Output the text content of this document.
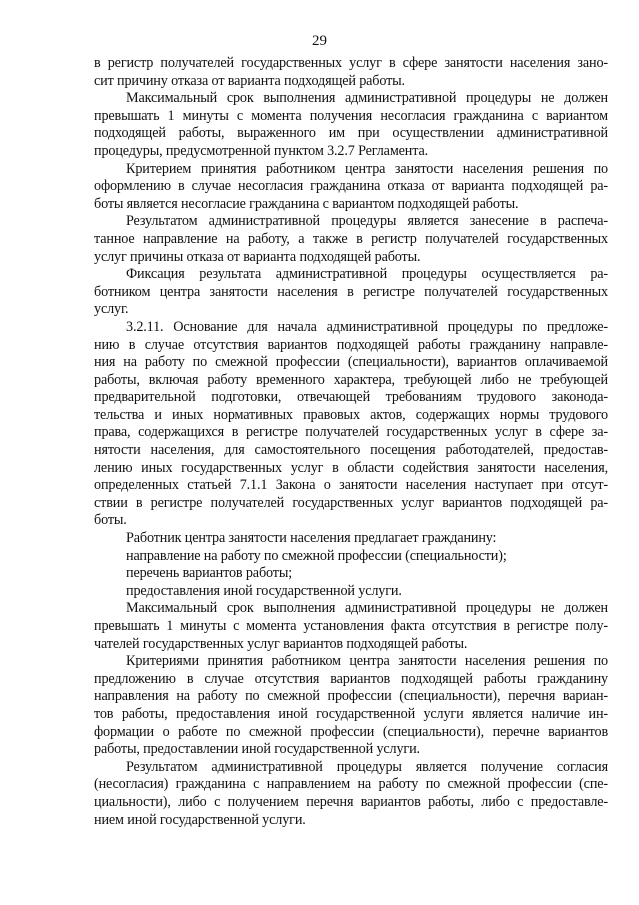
29
в регистр получателей государственных услуг в сфере занятости населения зано-
сит причину отказа от варианта подходящей работы.
Максимальный срок выполнения административной процедуры не должен
превышать 1 минуты с момента получения несогласия гражданина с вариантом
подходящей работы, выраженного им при осуществлении административной
процедуры, предусмотренной пунктом 3.2.7 Регламента.
Критерием принятия работником центра занятости населения решения по
оформлению в случае несогласия гражданина отказа от варианта подходящей ра-
боты является несогласие гражданина с вариантом подходящей работы.
Результатом административной процедуры является занесение в распеча-
танное направление на работу, а также в регистр получателей государственных
услуг причины отказа от варианта подходящей работы.
Фиксация результата административной процедуры осуществляется ра-
ботником центра занятости населения в регистре получателей государственных
услуг.
3.2.11. Основание для начала административной процедуры по предложе-
нию в случае отсутствия вариантов подходящей работы гражданину направле-
ния на работу по смежной профессии (специальности), вариантов оплачиваемой
работы, включая работу временного характера, требующей либо не требующей
предварительной подготовки, отвечающей требованиям трудового законода-
тельства и иных нормативных правовых актов, содержащих нормы трудового
права, содержащихся в регистре получателей государственных услуг в сфере за-
нятости населения, для самостоятельного посещения работодателей, предостав-
лению иных государственных услуг в области содействия занятости населения,
определенных статьей 7.1.1 Закона о занятости населения наступает при отсут-
ствии в регистре получателей государственных услуг вариантов подходящей ра-
боты.
Работник центра занятости населения предлагает гражданину:
направление на работу по смежной профессии (специальности);
перечень вариантов работы;
предоставления иной государственной услуги.
Максимальный срок выполнения административной процедуры не должен
превышать 1 минуты с момента установления факта отсутствия в регистре полу-
чателей государственных услуг вариантов подходящей работы.
Критериями принятия работником центра занятости населения решения по
предложению в случае отсутствия вариантов подходящей работы гражданину
направления на работу по смежной профессии (специальности), перечня вариан-
тов работы, предоставления иной государственной услуги является наличие ин-
формации о работе по смежной профессии (специальности), перечне вариантов
работы, предоставлении иной государственной услуги.
Результатом административной процедуры является получение согласия
(несогласия) гражданина с направлением на работу по смежной профессии (спе-
циальности), либо с получением перечня вариантов работы, либо с предоставле-
нием иной государственной услуги.
